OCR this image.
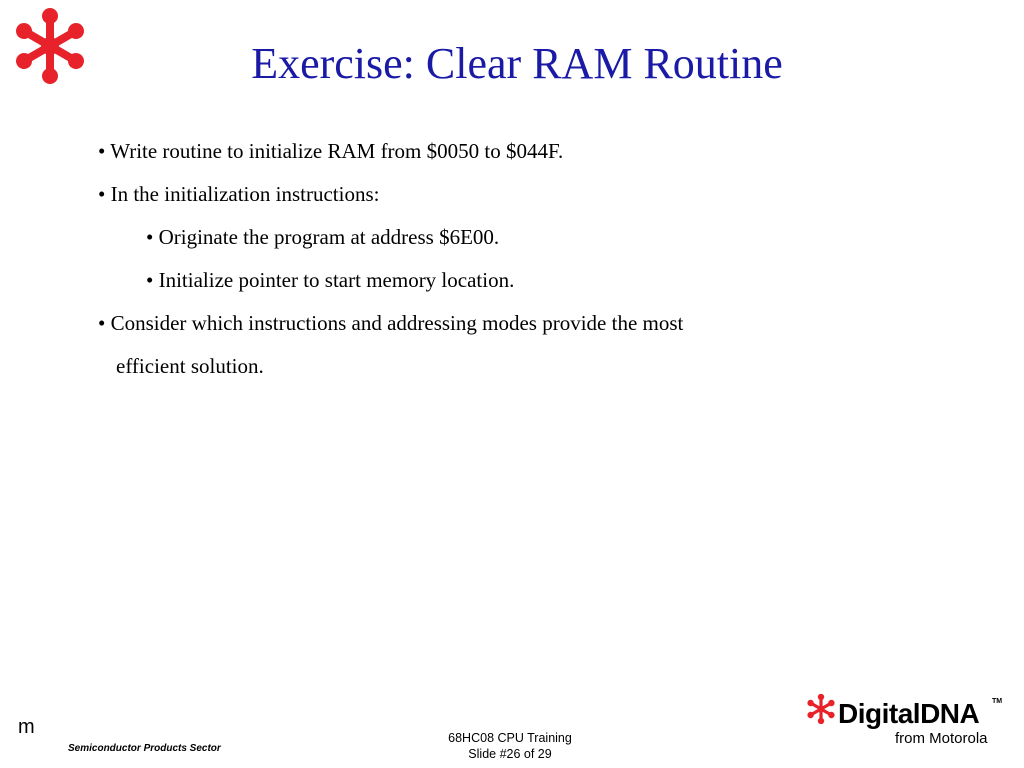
Exercise: Clear RAM Routine
• Write routine to initialize RAM from $0050 to $044F.
• In the initialization instructions:
• Originate the program at address $6E00.
• Initialize pointer to start memory location.
• Consider which instructions and addressing modes provide the most
efficient solution.
m
Semiconductor Products Sector
68HC08 CPU Training
Slide #26 of 29
DigitalDNA TM
from Motorola
